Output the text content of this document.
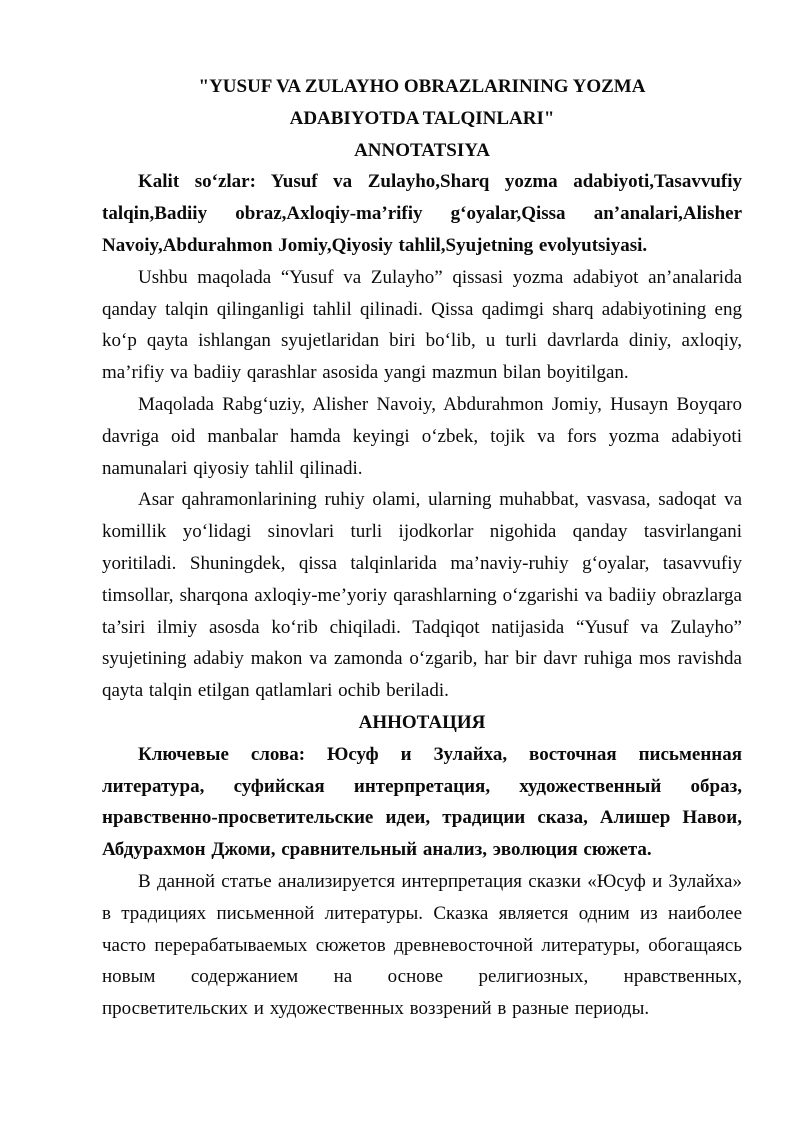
"YUSUF VA ZULAYHO OBRAZLARINING YOZMA
ADABIYOTDA TALQINLARI"
ANNOTATSIYA

Kalit so‘zlar: Yusuf va Zulayho,Sharq yozma adabiyoti,Tasavvufiy talqin,Badiiy obraz,Axloqiy-ma’rifiy g‘oyalar,Qissa an’analari,Alisher Navoiy,Abdurahmon Jomiy,Qiyosiy tahlil,Syujetning evolyutsiyasi.

Ushbu maqolada “Yusuf va Zulayho” qissasi yozma adabiyot an’analarida qanday talqin qilinganligi tahlil qilinadi. Qissa qadimgi sharq adabiyotining eng ko‘p qayta ishlangan syujetlaridan biri bo‘lib, u turli davrlarda diniy, axloqiy, ma’rifiy va badiiy qarashlar asosida yangi mazmun bilan boyitilgan.

Maqolada Rabg‘uziy, Alisher Navoiy, Abdurahmon Jomiy, Husayn Boyqaro davriga oid manbalar hamda keyingi o‘zbek, tojik va fors yozma adabiyoti namunalari qiyosiy tahlil qilinadi.

Asar qahramonlarining ruhiy olami, ularning muhabbat, vasvasa, sadoqat va komillik yo‘lidagi sinovlari turli ijodkorlar nigohida qanday tasvirlangani yoritiladi. Shuningdek, qissa talqinlarida ma’naviy-ruhiy g‘oyalar, tasavvufiy timsollar, sharqona axloqiy-me’yoriy qarashlarning o‘zgarishi va badiiy obrazlarga ta’siri ilmiy asosda ko‘rib chiqiladi. Tadqiqot natijasida “Yusuf va Zulayho” syujetining adabiy makon va zamonda o‘zgarib, har bir davr ruhiga mos ravishda qayta talqin etilgan qatlamlari ochib beriladi.

АННОТАЦИЯ

Ключевые слова: Юсуф и Зулайха, восточная письменная литература, суфийская интерпретация, художественный образ, нравственно-просветительские идеи, традиции сказа, Алишер Навои, Абдурахмон Джоми, сравнительный анализ, эволюция сюжета.

В данной статье анализируется интерпретация сказки «Юсуф и Зулайха» в традициях письменной литературы. Сказка является одним из наиболее часто перерабатываемых сюжетов древневосточной литературы, обогащаясь новым содержанием на основе религиозных, нравственных, просветительских и художественных воззрений в разные периоды.
